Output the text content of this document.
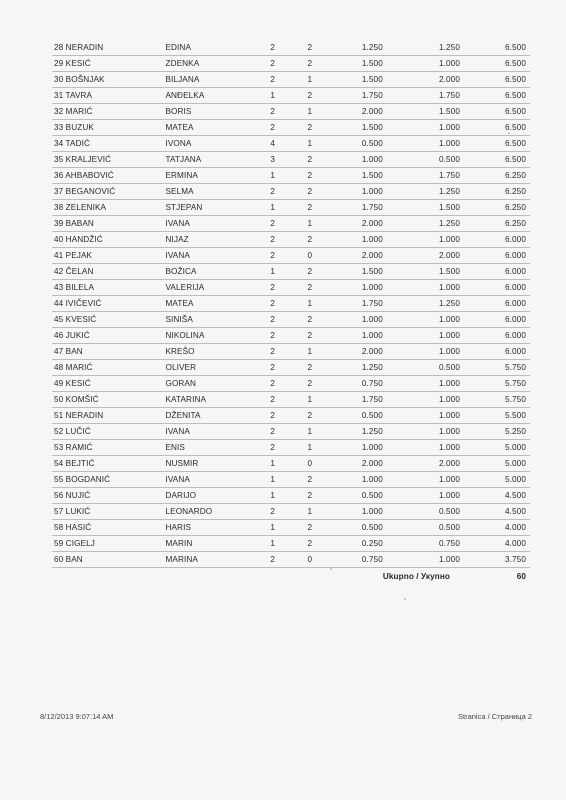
28 NERADIN	EDINA	2	2	1.250	1.250	6.500
29 KESIĆ	ZDENKA	2	2	1.500	1.000	6.500
30 BOŠNJAK	BILJANA	2	1	1.500	2.000	6.500
31 TAVRA	ANĐELKA	1	2	1.750	1.750	6.500
32 MARIĆ	BORIS	2	1	2.000	1.500	6.500
33 BUZUK	MATEA	2	2	1.500	1.000	6.500
34 TADIĆ	IVONA	4	1	0.500	1.000	6.500
35 KRALJEVIĆ	TATJANA	3	2	1.000	0.500	6.500
36 AHBABOVIĆ	ERMINA	1	2	1.500	1.750	6.250
37 BEGANOVIĆ	SELMA	2	2	1.000	1.250	6.250
38 ZELENIKA	STJEPAN	1	2	1.750	1.500	6.250
39 BABAN	IVANA	2	1	2.000	1.250	6.250
40 HANDŽIĆ	NIJAZ	2	2	1.000	1.000	6.000
41 PEJAK	IVANA	2	0	2.000	2.000	6.000
42 ČELAN	BOŽICA	1	2	1.500	1.500	6.000
43 BILELA	VALERIJA	2	2	1.000	1.000	6.000
44 IVIČEVIĆ	MATEA	2	1	1.750	1.250	6.000
45 KVESIĆ	SINIŠA	2	2	1.000	1.000	6.000
46 JUKIĆ	NIKOLINA	2	2	1.000	1.000	6.000
47 BAN	KREŠO	2	1	2.000	1.000	6.000
48 MARIĆ	OLIVER	2	2	1.250	0.500	5.750
49 KESIĆ	GORAN	2	2	0.750	1.000	5.750
50 KOMŠIĆ	KATARINA	2	1	1.750	1.000	5.750
51 NERADIN	DŽENITA	2	2	0.500	1.000	5.500
52 LUČIĆ	IVANA	2	1	1.250	1.000	5.250
53 RAMIĆ	ENIS	2	1	1.000	1.000	5.000
54 BEJTIĆ	NUSMIR	1	0	2.000	2.000	5.000
55 BOGDANIĆ	IVANA	1	2	1.000	1.000	5.000
56 NUJIĆ	DARIJO	1	2	0.500	1.000	4.500
57 LUKIĆ	LEONARDO	2	1	1.000	0.500	4.500
58 HASIĆ	HARIS	1	2	0.500	0.500	4.000
59 CIGELJ	MARIN	1	2	0.250	0.750	4.000
60 BAN	MARINA	2	0	0.750	1.000	3.750
					Ukupno / Укупно	60
8/12/2013 9:07:14 AM	Stranica / Страница 2
